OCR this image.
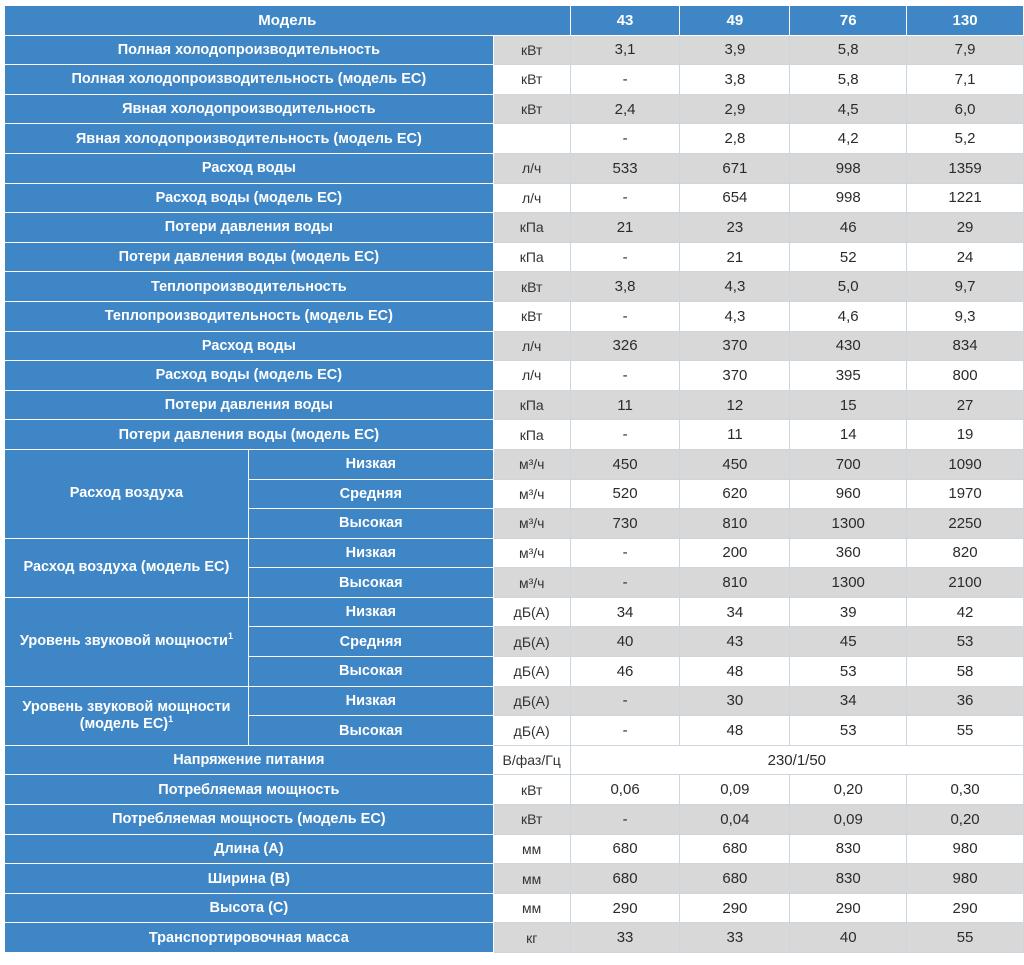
Модель			43	49	76	130
Полная холодопроизводительность		кВт	3,1	3,9	5,8	7,9
Полная холодопроизводительность (модель ЕС)		кВт	-	3,8	5,8	7,1
Явная холодопроизводительность		кВт	2,4	2,9	4,5	6,0
Явная холодопроизводительность (модель ЕС)			-	2,8	4,2	5,2
Расход воды		л/ч	533	671	998	1359
Расход воды (модель ЕС)		л/ч	-	654	998	1221
Потери давления воды		кПа	21	23	46	29
Потери давления воды (модель ЕС)		кПа	-	21	52	24
Теплопроизводительность		кВт	3,8	4,3	5,0	9,7
Теплопроизводительность (модель ЕС)		кВт	-	4,3	4,6	9,3
Расход воды		л/ч	326	370	430	834
Расход воды (модель ЕС)		л/ч	-	370	395	800
Потери давления воды		кПа	11	12	15	27
Потери давления воды (модель ЕС)		кПа	-	11	14	19
Расход воздуха	Низкая	м³/ч	450	450	700	1090
	Средняя	м³/ч	520	620	960	1970
	Высокая	м³/ч	730	810	1300	2250
Расход воздуха (модель ЕС)	Низкая	м³/ч	-	200	360	820
	Высокая	м³/ч	-	810	1300	2100
Уровень звуковой мощности$^1$	Низкая	дБ(А)	34	34	39	42
	Средняя	дБ(А)	40	43	45	53
	Высокая	дБ(А)	46	48	53	58
Уровень звуковой мощности
(модель ЕС)$^1$	Низкая	дБ(А)	-	30	34	36
	Высокая	дБ(А)	-	48	53	55
Напряжение питания		В/фаз/Гц	230/1/50			
Потребляемая мощность		кВт	0,06	0,09	0,20	0,30
Потребляемая мощность (модель ЕС)		кВт	-	0,04	0,09	0,20
Длина (А)		мм	680	680	830	980
Ширина (В)		мм	680	680	830	980
Высота (С)		мм	290	290	290	290
Транспортировочная масса		кг	33	33	40	55
